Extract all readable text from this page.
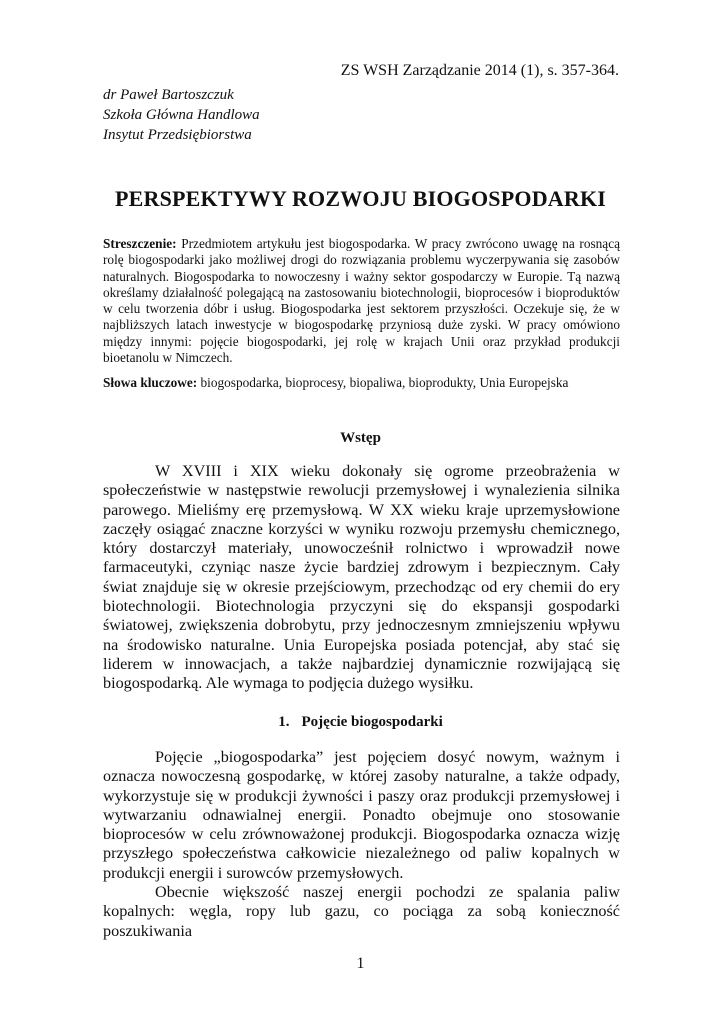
ZS WSH Zarządzanie 2014 (1), s. 357-364.
dr Paweł Bartoszczuk
Szkoła Główna Handlowa
Insytut Przedsiębiorstwa
PERSPEKTYWY ROZWOJU BIOGOSPODARKI
Streszczenie: Przedmiotem artykułu jest biogospodarka. W pracy zwrócono uwagę na rosnącą rolę biogospodarki jako możliwej drogi do rozwiązania problemu wyczerpywania się zasobów naturalnych. Biogospodarka to nowoczesny i ważny sektor gospodarczy w Europie. Tą nazwą określamy działalność polegającą na zastosowaniu biotechnologii, bioprocesów i bioproduktów w celu tworzenia dóbr i usług. Biogospodarka jest sektorem przyszłości. Oczekuje się, że w najbliższych latach inwestycje w biogospodarkę przyniosą duże zyski. W pracy omówiono między innymi: pojęcie biogospodarki, jej rolę w krajach Unii oraz przykład produkcji bioetanolu w Nimczech.
Słowa kluczowe: biogospodarka, bioprocesy, biopaliwa, bioprodukty, Unia Europejska
Wstęp
W XVIII i XIX wieku dokonały się ogrome przeobrażenia w społeczeństwie w następstwie rewolucji przemysłowej i wynalezienia silnika parowego. Mieliśmy erę przemysłową. W XX wieku kraje uprzemysłowione zaczęły osiągać znaczne korzyści w wyniku rozwoju przemysłu chemicznego, który dostarczył materiały, unowocześnił rolnictwo i wprowadził nowe farmaceutyki, czyniąc nasze życie bardziej zdrowym i bezpiecznym. Cały świat znajduje się w okresie przejściowym, przechodząc od ery chemii do ery biotechnologii. Biotechnologia przyczyni się do ekspansji gospodarki światowej, zwiększenia dobrobytu, przy jednoczesnym zmniejszeniu wpływu na środowisko naturalne. Unia Europejska posiada potencjał, aby stać się liderem w innowacjach, a także najbardziej dynamicznie rozwijającą się biogospodarką. Ale wymaga to podjęcia dużego wysiłku.
1. Pojęcie biogospodarki
Pojęcie „biogospodarka” jest pojęciem dosyć nowym, ważnym i oznacza nowoczesną gospodarkę, w której zasoby naturalne, a także odpady, wykorzystuje się w produkcji żywności i paszy oraz produkcji przemysłowej i wytwarzaniu odnawialnej energii. Ponadto obejmuje ono stosowanie bioprocesów w celu zrównoważonej produkcji. Biogospodarka oznacza wizję przyszłego społeczeństwa całkowicie niezależnego od paliw kopalnych w produkcji energii i surowców przemysłowych.
Obecnie większość naszej energii pochodzi ze spalania paliw kopalnych: węgla, ropy lub gazu, co pociąga za sobą konieczność poszukiwania
1
